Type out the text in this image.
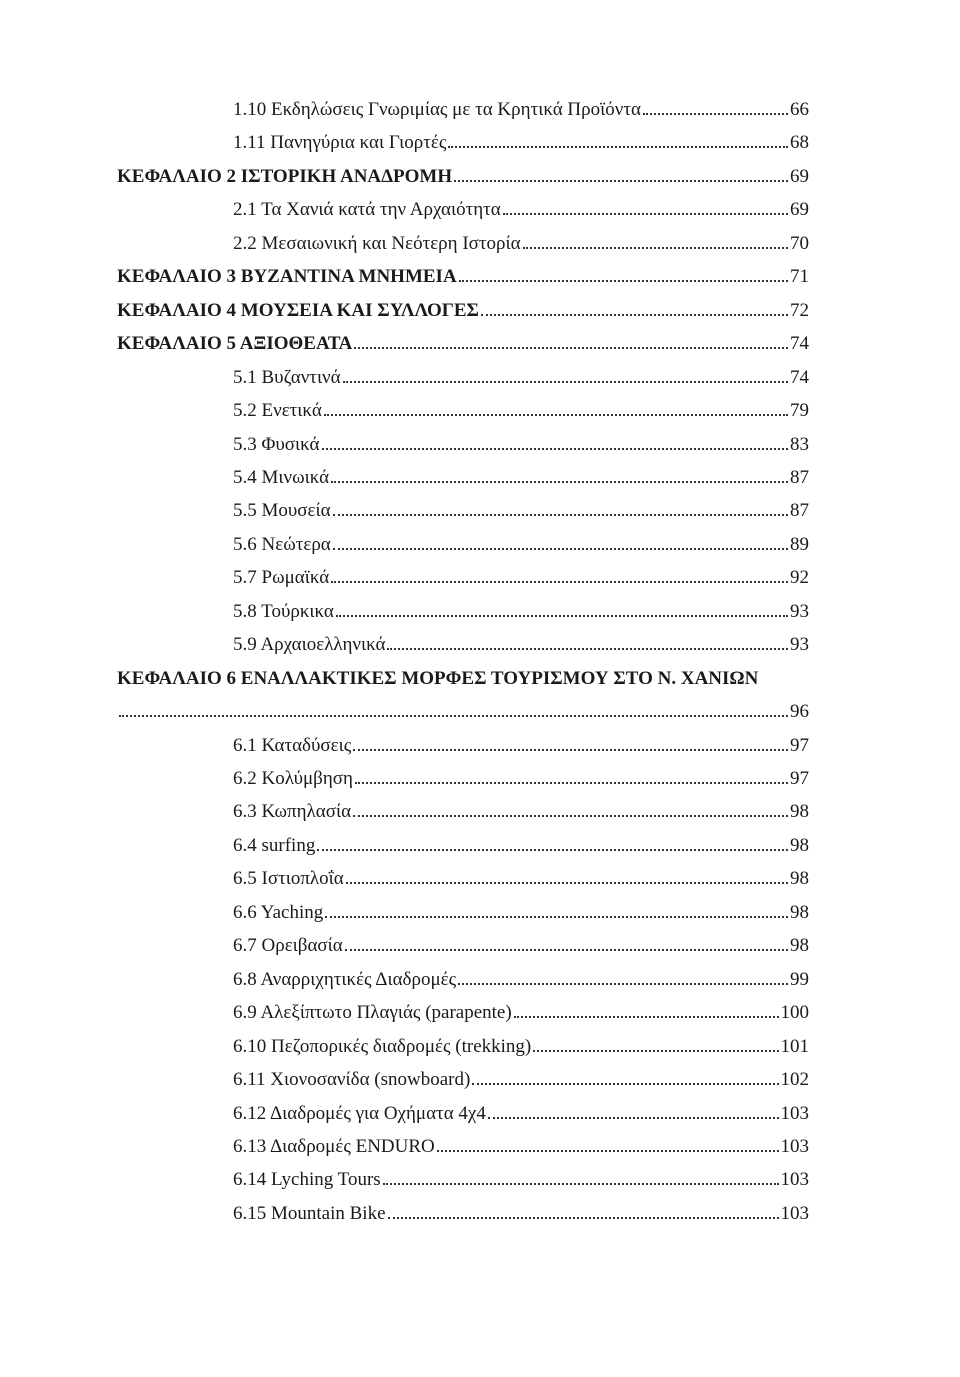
1.10 Εκδηλώσεις Γνωριμίας με τα Κρητικά Προϊόντα	66
1.11 Πανηγύρια και Γιορτές	68
ΚΕΦΑΛΑΙΟ 2 ΙΣΤΟΡΙΚΗ ΑΝΑΔΡΟΜΗ	69
2.1 Τα Χανιά κατά την Αρχαιότητα	69
2.2 Μεσαιωνική και Νεότερη Ιστορία	70
ΚΕΦΑΛΑΙΟ 3 ΒΥΖΑΝΤΙΝΑ ΜΝΗΜΕΙΑ	71
ΚΕΦΑΛΑΙΟ 4 ΜΟΥΣΕΙΑ ΚΑΙ ΣΥΛΛΟΓΕΣ	72
ΚΕΦΑΛΑΙΟ 5 ΑΞΙΟΘΕΑΤΑ	74
5.1 Βυζαντινά	74
5.2 Ενετικά	79
5.3 Φυσικά	83
5.4 Μινωικά	87
5.5 Μουσεία	87
5.6 Νεώτερα	89
5.7 Ρωμαϊκά	92
5.8 Τούρκικα	93
5.9 Αρχαιοελληνικά	93
ΚΕΦΑΛΑΙΟ 6 ΕΝΑΛΛΑΚΤΙΚΕΣ ΜΟΡΦΕΣ ΤΟΥΡΙΣΜΟΥ ΣΤΟ Ν. ΧΑΝΙΩΝ
96
6.1 Καταδύσεις	97
6.2 Κολύμβηση	97
6.3 Κωπηλασία	98
6.4 surfing	98
6.5 Ιστιοπλοΐα	98
6.6 Yaching	98
6.7 Ορειβασία	98
6.8 Αναρριχητικές Διαδρομές	99
6.9 Αλεξίπτωτο Πλαγιάς (parapente)	100
6.10 Πεζοπορικές διαδρομές (trekking)	101
6.11 Χιονοσανίδα (snowboard)	102
6.12 Διαδρομές για Οχήματα 4χ4	103
6.13 Διαδρομές ENDURO	103
6.14 Lyching Tours	103
6.15 Mountain Bike	103
